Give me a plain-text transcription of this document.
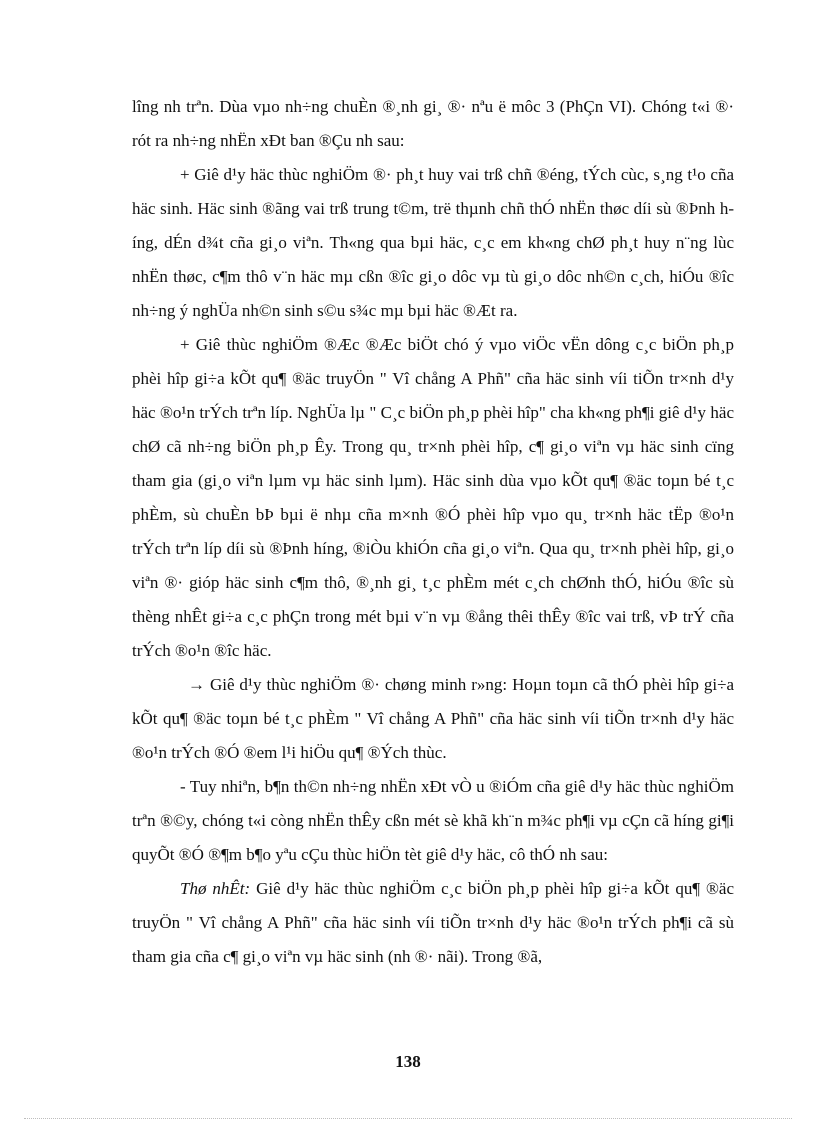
lîng nh trªn. Dùa vµo nh÷ng chuÈn ®¸nh gi¸ ®· nªu ë môc 3 (PhÇn VI). Chóng t«i ®· rót ra nh÷ng nhËn xÐt ban ®Çu nh sau:

+ Giê d¹y häc thùc nghiÖm ®· ph¸t huy vai trß chñ ®éng, tÝch cùc, s¸ng t¹o cña häc sinh. Häc sinh ®ãng vai trß trung t©m, trë thµnh chñ thÓ nhËn thøc díi sù ®Þnh híng, dÉn d¾t cña gi¸o viªn. Th«ng qua bµi häc, c¸c em kh«ng chØ ph¸t huy n¨ng lùc nhËn thøc, c¶m thô v¨n häc mµ cßn ®îc gi¸o dôc vµ tù gi¸o dôc nh©n c¸ch, hiÓu ®îc nh÷ng ý nghÜa nh©n sinh s©u s¾c mµ bµi häc ®Æt ra.

+ Giê thùc nghiÖm ®Æc ®Æc biÖt chó ý vµo viÖc vËn dông c¸c biÖn ph¸p phèi hîp gi÷a kÕt qu¶ ®äc truyÖn " Vî chång A Phñ" cña häc sinh víi tiÕn tr×nh d¹y häc ®o¹n trÝch trªn líp. NghÜa lµ " C¸c biÖn ph¸p phèi hîp" cha kh«ng ph¶i giê d¹y häc chØ cã nh÷ng biÖn ph¸p Êy. Trong qu¸ tr×nh phèi hîp, c¶ gi¸o viªn vµ häc sinh cïng tham gia (gi¸o viªn lµm vµ häc sinh lµm). Häc sinh dùa vµo kÕt qu¶ ®äc toµn bé t¸c phÈm, sù chuÈn bÞ bµi ë nhµ cña m×nh ®Ó phèi hîp vµo qu¸ tr×nh häc tËp ®o¹n trÝch trªn líp díi sù ®Þnh híng, ®iÒu khiÓn cña gi¸o viªn. Qua qu¸ tr×nh phèi hîp, gi¸o viªn ®· gióp häc sinh c¶m thô, ®¸nh gi¸ t¸c phÈm mét c¸ch chØnh thÓ, hiÓu ®îc sù thèng nhÊt gi÷a c¸c phÇn trong mét bµi v¨n vµ ®ång thêi thÊy ®îc vai trß, vÞ trÝ cña trÝch ®o¹n ®îc häc.

→ Giê d¹y thùc nghiÖm ®· chøng minh r»ng: Hoµn toµn cã thÓ phèi hîp gi÷a kÕt qu¶ ®äc toµn bé t¸c phÈm " Vî chång A Phñ" cña häc sinh víi tiÕn tr×nh d¹y häc ®o¹n trÝch ®Ó ®em l¹i hiÖu qu¶ ®Ých thùc.

- Tuy nhiªn, b¶n th©n nh÷ng nhËn xÐt vÒ u ®iÓm cña giê d¹y häc thùc nghiÖm trªn ®©y, chóng t«i còng nhËn thÊy cßn mét sè khã kh¨n m¾c ph¶i vµ cÇn cã híng gi¶i quyÕt ®Ó ®¶m b¶o yªu cÇu thùc hiÖn tèt giê d¹y häc, cô thÓ nh sau:

Thø nhÊt: Giê d¹y häc thùc nghiÖm c¸c biÖn ph¸p phèi hîp gi÷a kÕt qu¶ ®äc truyÖn " Vî chång A Phñ" cña häc sinh víi tiÕn tr×nh d¹y häc ®o¹n trÝch ph¶i cã sù tham gia cña c¶ gi¸o viªn vµ häc sinh (nh ®· nãi). Trong ®ã,

138
